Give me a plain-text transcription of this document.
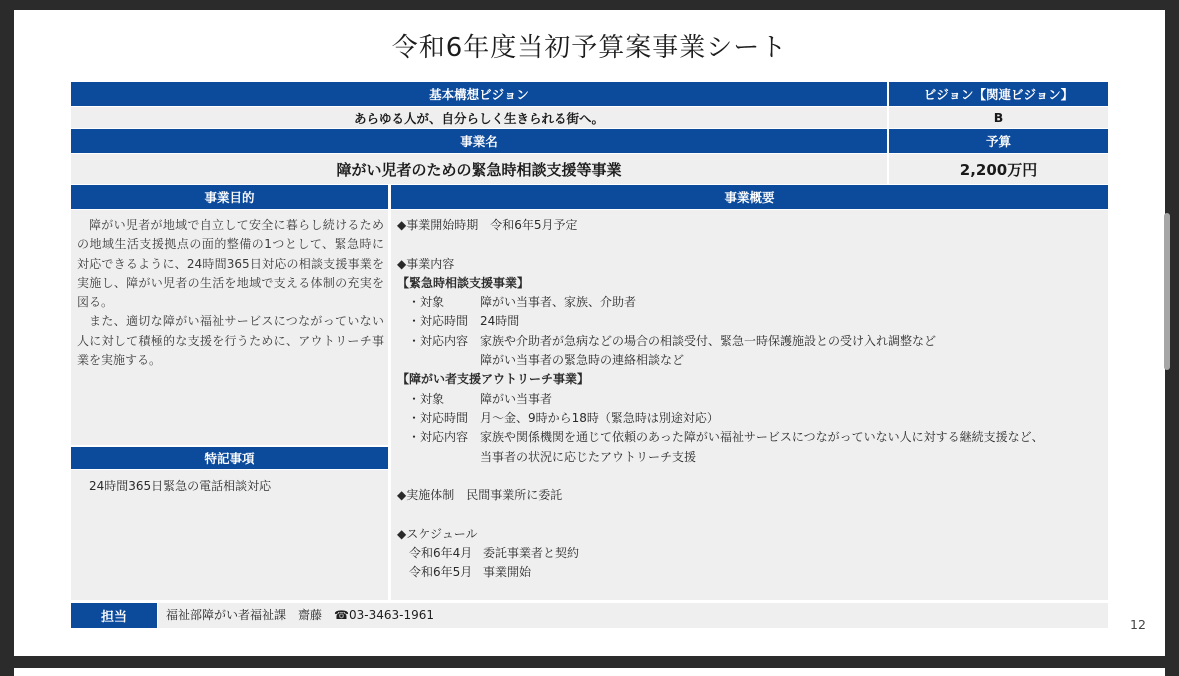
令和6年度当初予算案事業シート
基本構想ビジョン	ビジョン【関連ビジョン】
あらゆる人が、自分らしく生きられる街へ。	B
事業名	予算
障がい児者のための緊急時相談支援等事業	2,200万円
事業目的	事業概要

障がい児者が地域で自立して安全に暮らし続けるための地域生活支援拠点の面的整備の1つとして、緊急時に対応できるように、24時間365日対応の相談支援事業を実施し、障がい児者の生活を地域で支える体制の充実を図る。

また、適切な障がい福祉サービスにつながっていない人に対して積極的な支援を行うために、アウトリーチ事業を実施する。

特記事項

24時間365日緊急の電話相談対応

◆事業開始時期 令和6年5月予定
◆事業内容
【緊急時相談支援事業】
・対象	障がい当事者、家族、介助者
・対応時間 24時間
・対応内容 家族や介助者が急病などの場合の相談受付、緊急一時保護施設との受け入れ調整など
障がい当事者の緊急時の連絡相談など
【障がい者支援アウトリーチ事業】
・対象	障がい当事者
・対応時間 月～金、9時から18時（緊急時は別途対応）
・対応内容 家族や関係機関を通じて依頼のあった障がい福祉サービスにつながっていない人に対する継続支援など、
当事者の状況に応じたアウトリーチ支援
◆実施体制 民間事業所に委託
◆スケジュール
令和6年4月 委託事業者と契約
令和6年5月 事業開始
担当	福祉部障がい者福祉課 齋藤 ☎03-3463-1961
12
